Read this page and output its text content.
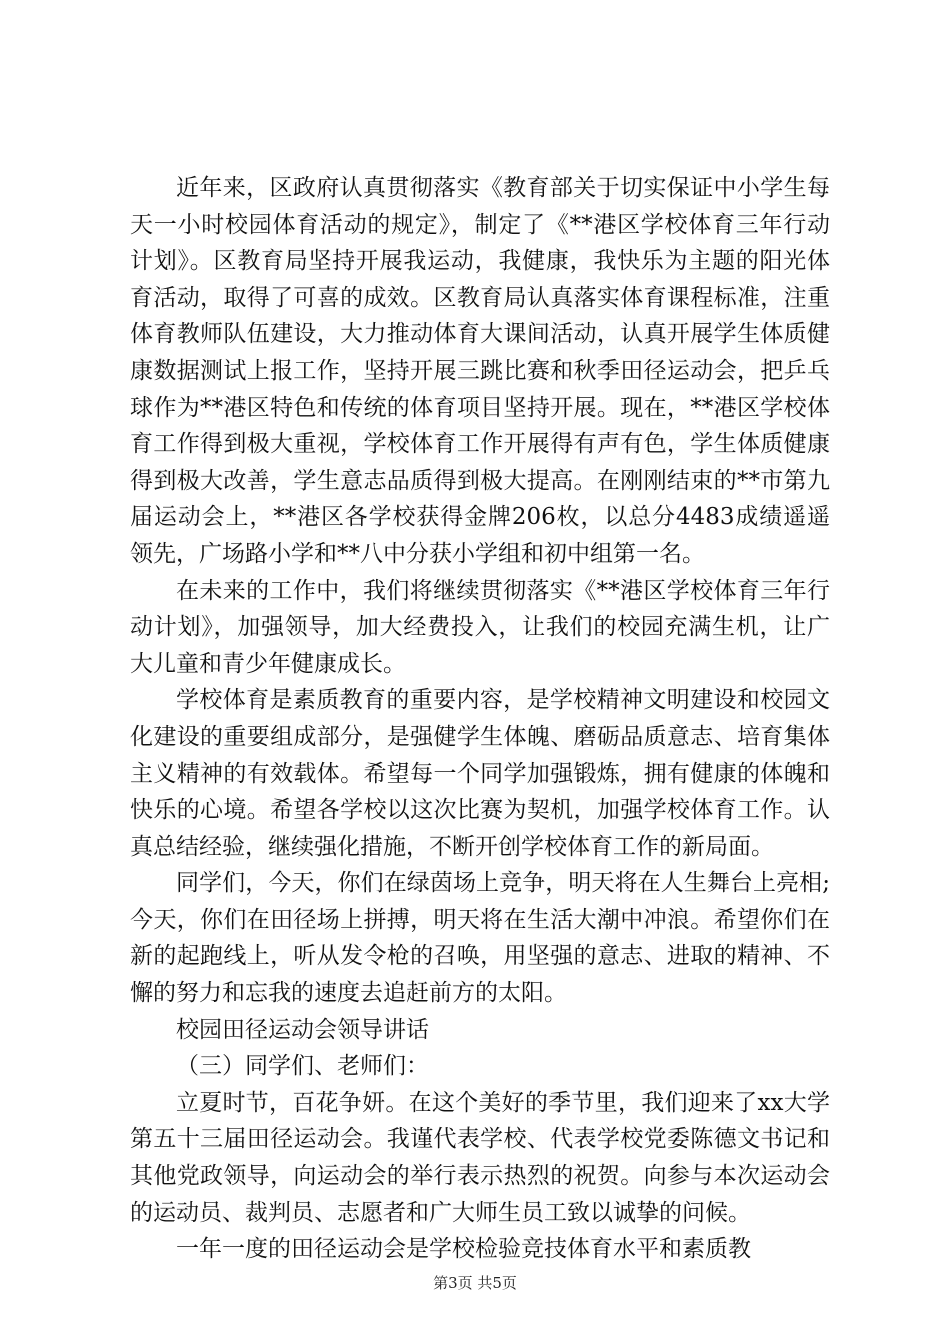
近年来，区政府认真贯彻落实《教育部关于切实保证中小学生每天一小时校园体育活动的规定》，制定了《**港区学校体育三年行动计划》。区教育局坚持开展我运动，我健康，我快乐为主题的阳光体育活动，取得了可喜的成效。区教育局认真落实体育课程标准，注重体育教师队伍建设，大力推动体育大课间活动，认真开展学生体质健康数据测试上报工作，坚持开展三跳比赛和秋季田径运动会，把乒乓球作为**港区特色和传统的体育项目坚持开展。现在，**港区学校体育工作得到极大重视，学校体育工作开展得有声有色，学生体质健康得到极大改善，学生意志品质得到极大提高。在刚刚结束的**市第九届运动会上，**港区各学校获得金牌206枚，以总分4483成绩遥遥领先，广场路小学和**八中分获小学组和初中组第一名。

在未来的工作中，我们将继续贯彻落实《**港区学校体育三年行动计划》，加强领导，加大经费投入，让我们的校园充满生机，让广大儿童和青少年健康成长。

学校体育是素质教育的重要内容，是学校精神文明建设和校园文化建设的重要组成部分，是强健学生体魄、磨砺品质意志、培育集体主义精神的有效载体。希望每一个同学加强锻炼，拥有健康的体魄和快乐的心境。希望各学校以这次比赛为契机，加强学校体育工作。认真总结经验，继续强化措施，不断开创学校体育工作的新局面。

同学们，今天，你们在绿茵场上竞争，明天将在人生舞台上亮相;今天，你们在田径场上拼搏，明天将在生活大潮中冲浪。希望你们在新的起跑线上，听从发令枪的召唤，用坚强的意志、进取的精神、不懈的努力和忘我的速度去追赶前方的太阳。

校园田径运动会领导讲话

（三）同学们、老师们：

立夏时节，百花争妍。在这个美好的季节里，我们迎来了xx大学第五十三届田径运动会。我谨代表学校、代表学校党委陈德文书记和其他党政领导，向运动会的举行表示热烈的祝贺。向参与本次运动会的运动员、裁判员、志愿者和广大师生员工致以诚挚的问候。

一年一度的田径运动会是学校检验竞技体育水平和素质教

第3页 共5页
